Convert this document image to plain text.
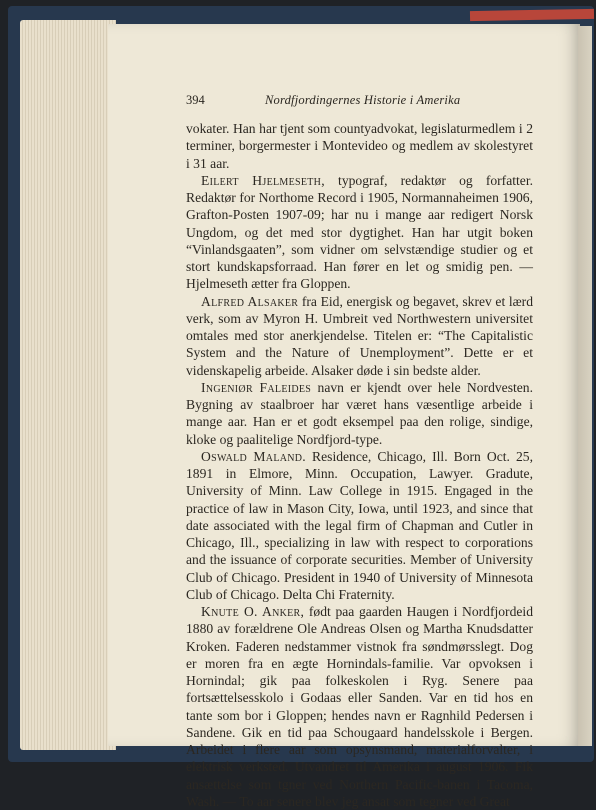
394	Nordfjordingernes Historie i Amerika

vokater. Han har tjent som countyadvokat, legislaturmedlem i 2 terminer, borgermester i Montevideo og medlem av skolestyret i 31 aar.

Eilert Hjelmeseth, typograf, redaktør og forfatter. Redaktør for Northome Record i 1905, Normannaheimen 1906, Grafton-Posten 1907-09; har nu i mange aar redigert Norsk Ungdom, og det med stor dygtighet. Han har utgit boken “Vinlandsgaaten”, som vidner om selvstændige studier og et stort kundskapsforraad. Han fører en let og smidig pen. — Hjelmeseth ætter fra Gloppen.

Alfred Alsaker fra Eid, energisk og begavet, skrev et lærd verk, som av Myron H. Umbreit ved Northwestern universitet omtales med stor anerkjendelse. Titelen er: “The Capitalistic System and the Nature of Unemployment”. Dette er et videnskapelig arbeide. Alsaker døde i sin bedste alder.

Ingeniør Faleides navn er kjendt over hele Nordvesten. Bygning av staalbroer har været hans væsentlige arbeide i mange aar. Han er et godt eksempel paa den rolige, sindige, kloke og paalitelige Nordfjord-type.

Oswald Maland. Residence, Chicago, Ill. Born Oct. 25, 1891 in Elmore, Minn. Occupation, Lawyer. Gradute, University of Minn. Law College in 1915. Engaged in the practice of law in Mason City, Iowa, until 1923, and since that date associated with the legal firm of Chapman and Cutler in Chicago, Ill., specializing in law with respect to corporations and the issuance of corporate securities. Member of University Club of Chicago. President in 1940 of University of Minnesota Club of Chicago. Delta Chi Fraternity.

Knute O. Anker, født paa gaarden Haugen i Nordfjordeid 1880 av forældrene Ole Andreas Olsen og Martha Knudsdatter Kroken. Faderen nedstammer vistnok fra søndmørsslegt. Dog er moren fra en ægte Hornindals-familie. Var opvoksen i Hornindal; gik paa folkeskolen i Ryg. Senere paa fortsættelsesskolo i Godaas eller Sanden. Var en tid hos en tante som bor i Gloppen; hendes navn er Ragnhild Pedersen i Sandene. Gik en tid paa Schougaard handelsskole i Bergen. Arbeidet i flere aar som opsynsmand, materialforvalter, i elektrisk verksted. Utvandret til Amerika i august 1906. Fik ansættelse som tgner ved Northern Pacific-banen i Tacoma, Wash. — To aar senere blev jeg ansat som tegner ved Great
